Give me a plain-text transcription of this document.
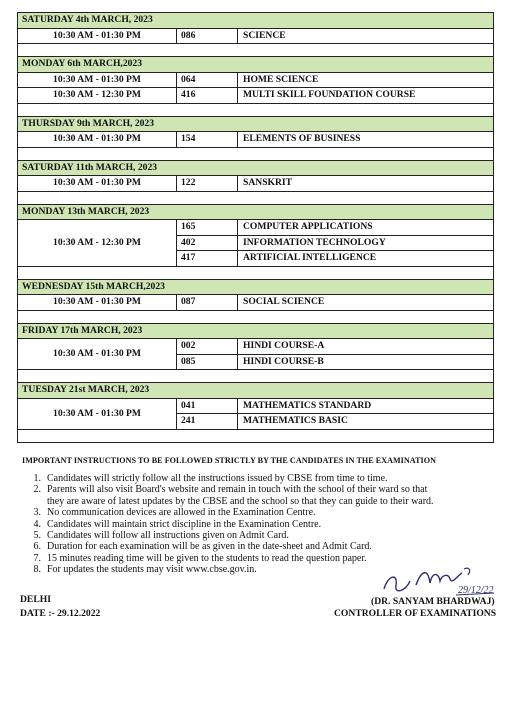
SATURDAY 4th MARCH, 2023		
10:30 AM - 01:30 PM	086	SCIENCE

MONDAY 6th MARCH,2023		
10:30 AM - 01:30 PM	064	HOME SCIENCE
10:30 AM - 12:30 PM	416	MULTI SKILL FOUNDATION COURSE

THURSDAY 9th MARCH, 2023		
10:30 AM - 01:30 PM	154	ELEMENTS OF BUSINESS

SATURDAY 11th MARCH, 2023		
10:30 AM - 01:30 PM	122	SANSKRIT

MONDAY 13th MARCH, 2023		
10:30 AM - 12:30 PM	165	COMPUTER APPLICATIONS
	402	INFORMATION TECHNOLOGY
	417	ARTIFICIAL INTELLIGENCE

WEDNESDAY 15th MARCH,2023		
10:30 AM - 01:30 PM	087	SOCIAL SCIENCE

FRIDAY 17th MARCH, 2023		
10:30 AM - 01:30 PM	002	HINDI COURSE-A
	085	HINDI COURSE-B

TUESDAY 21st MARCH, 2023		
10:30 AM - 01:30 PM	041	MATHEMATICS STANDARD
	241	MATHEMATICS BASIC

IMPORTANT INSTRUCTIONS TO BE FOLLOWED STRICTLY BY THE CANDIDATES IN THE EXAMINATION
1. Candidates will strictly follow all the instructions issued by CBSE from time to time.
2. Parents will also visit Board's website and remain in touch with the school of their ward so that
they are aware of latest updates by the CBSE and the school so that they can guide to their ward.
3. No communication devices are allowed in the Examination Centre.
4. Candidates will maintain strict discipline in the Examination Centre.
5. Candidates will follow all instructions given on Admit Card.
6. Duration for each examination will be as given in the date-sheet and Admit Card.
7. 15 minutes reading time will be given to the students to read the question paper.
8. For updates the students may visit www.cbse.gov.in.
DELHI
DATE :- 29.12.2022
(DR. SANYAM BHARDWAJ)
CONTROLLER OF EXAMINATIONS
29/12/22
